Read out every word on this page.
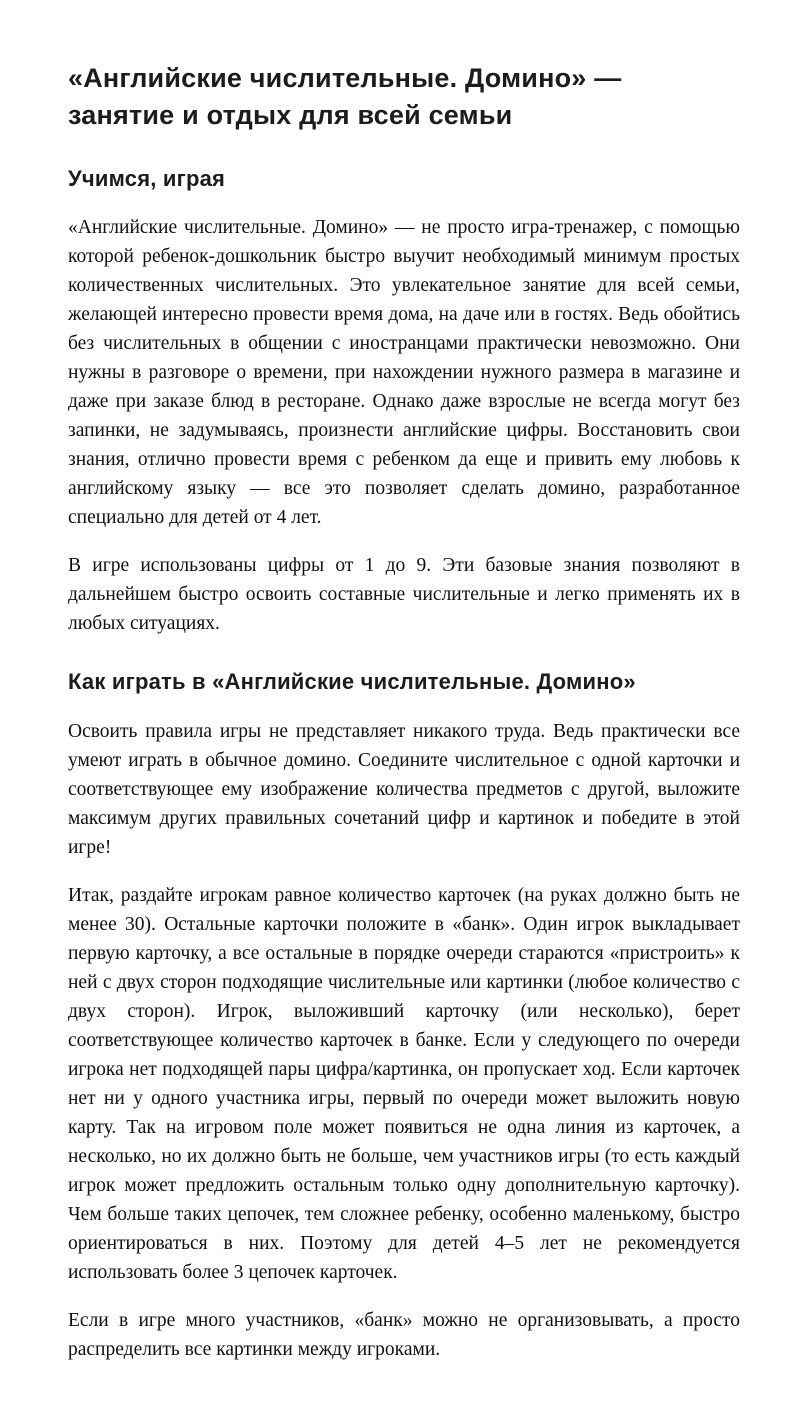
«Английские числительные. Домино» —
занятие и отдых для всей семьи
Учимся, играя

«Английские числительные. Домино» — не просто игра-тренажер, с помощью которой ребенок-дошкольник быстро выучит необходимый минимум простых количественных числительных. Это увлекательное занятие для всей семьи, желающей интересно провести время дома, на даче или в гостях. Ведь обойтись без числительных в общении с иностранцами практически невозможно. Они нужны в разговоре о времени, при нахождении нужного размера в магазине и даже при заказе блюд в ресторане. Однако даже взрослые не всегда могут без запинки, не задумываясь, произнести английские цифры. Восстановить свои знания, отлично провести время с ребенком да еще и привить ему любовь к английскому языку — все это позволяет сделать домино, разработанное специально для детей от 4 лет.

В игре использованы цифры от 1 до 9. Эти базовые знания позволяют в дальнейшем быстро освоить составные числительные и легко применять их в любых ситуациях.

Как играть в «Английские числительные. Домино»

Освоить правила игры не представляет никакого труда. Ведь практически все умеют играть в обычное домино. Соедините числительное с одной карточки и соответствующее ему изображение количества предметов с другой, выложите максимум других правильных сочетаний цифр и картинок и победите в этой игре!

Итак, раздайте игрокам равное количество карточек (на руках должно быть не менее 30). Остальные карточки положите в «банк». Один игрок выкладывает первую карточку, а все остальные в порядке очереди стараются «пристроить» к ней с двух сторон подходящие числительные или картинки (любое количество с двух сторон). Игрок, выложивший карточку (или несколько), берет соответствующее количество карточек в банке. Если у следующего по очереди игрока нет подходящей пары цифра/картинка, он пропускает ход. Если карточек нет ни у одного участника игры, первый по очереди может выложить новую карту. Так на игровом поле может появиться не одна линия из карточек, а несколько, но их должно быть не больше, чем участников игры (то есть каждый игрок может предложить остальным только одну дополнительную карточку). Чем больше таких цепочек, тем сложнее ребенку, особенно маленькому, быстро ориентироваться в них. Поэтому для детей 4–5 лет не рекомендуется использовать более 3 цепочек карточек.

Если в игре много участников, «банк» можно не организовывать, а просто распределить все картинки между игроками.
